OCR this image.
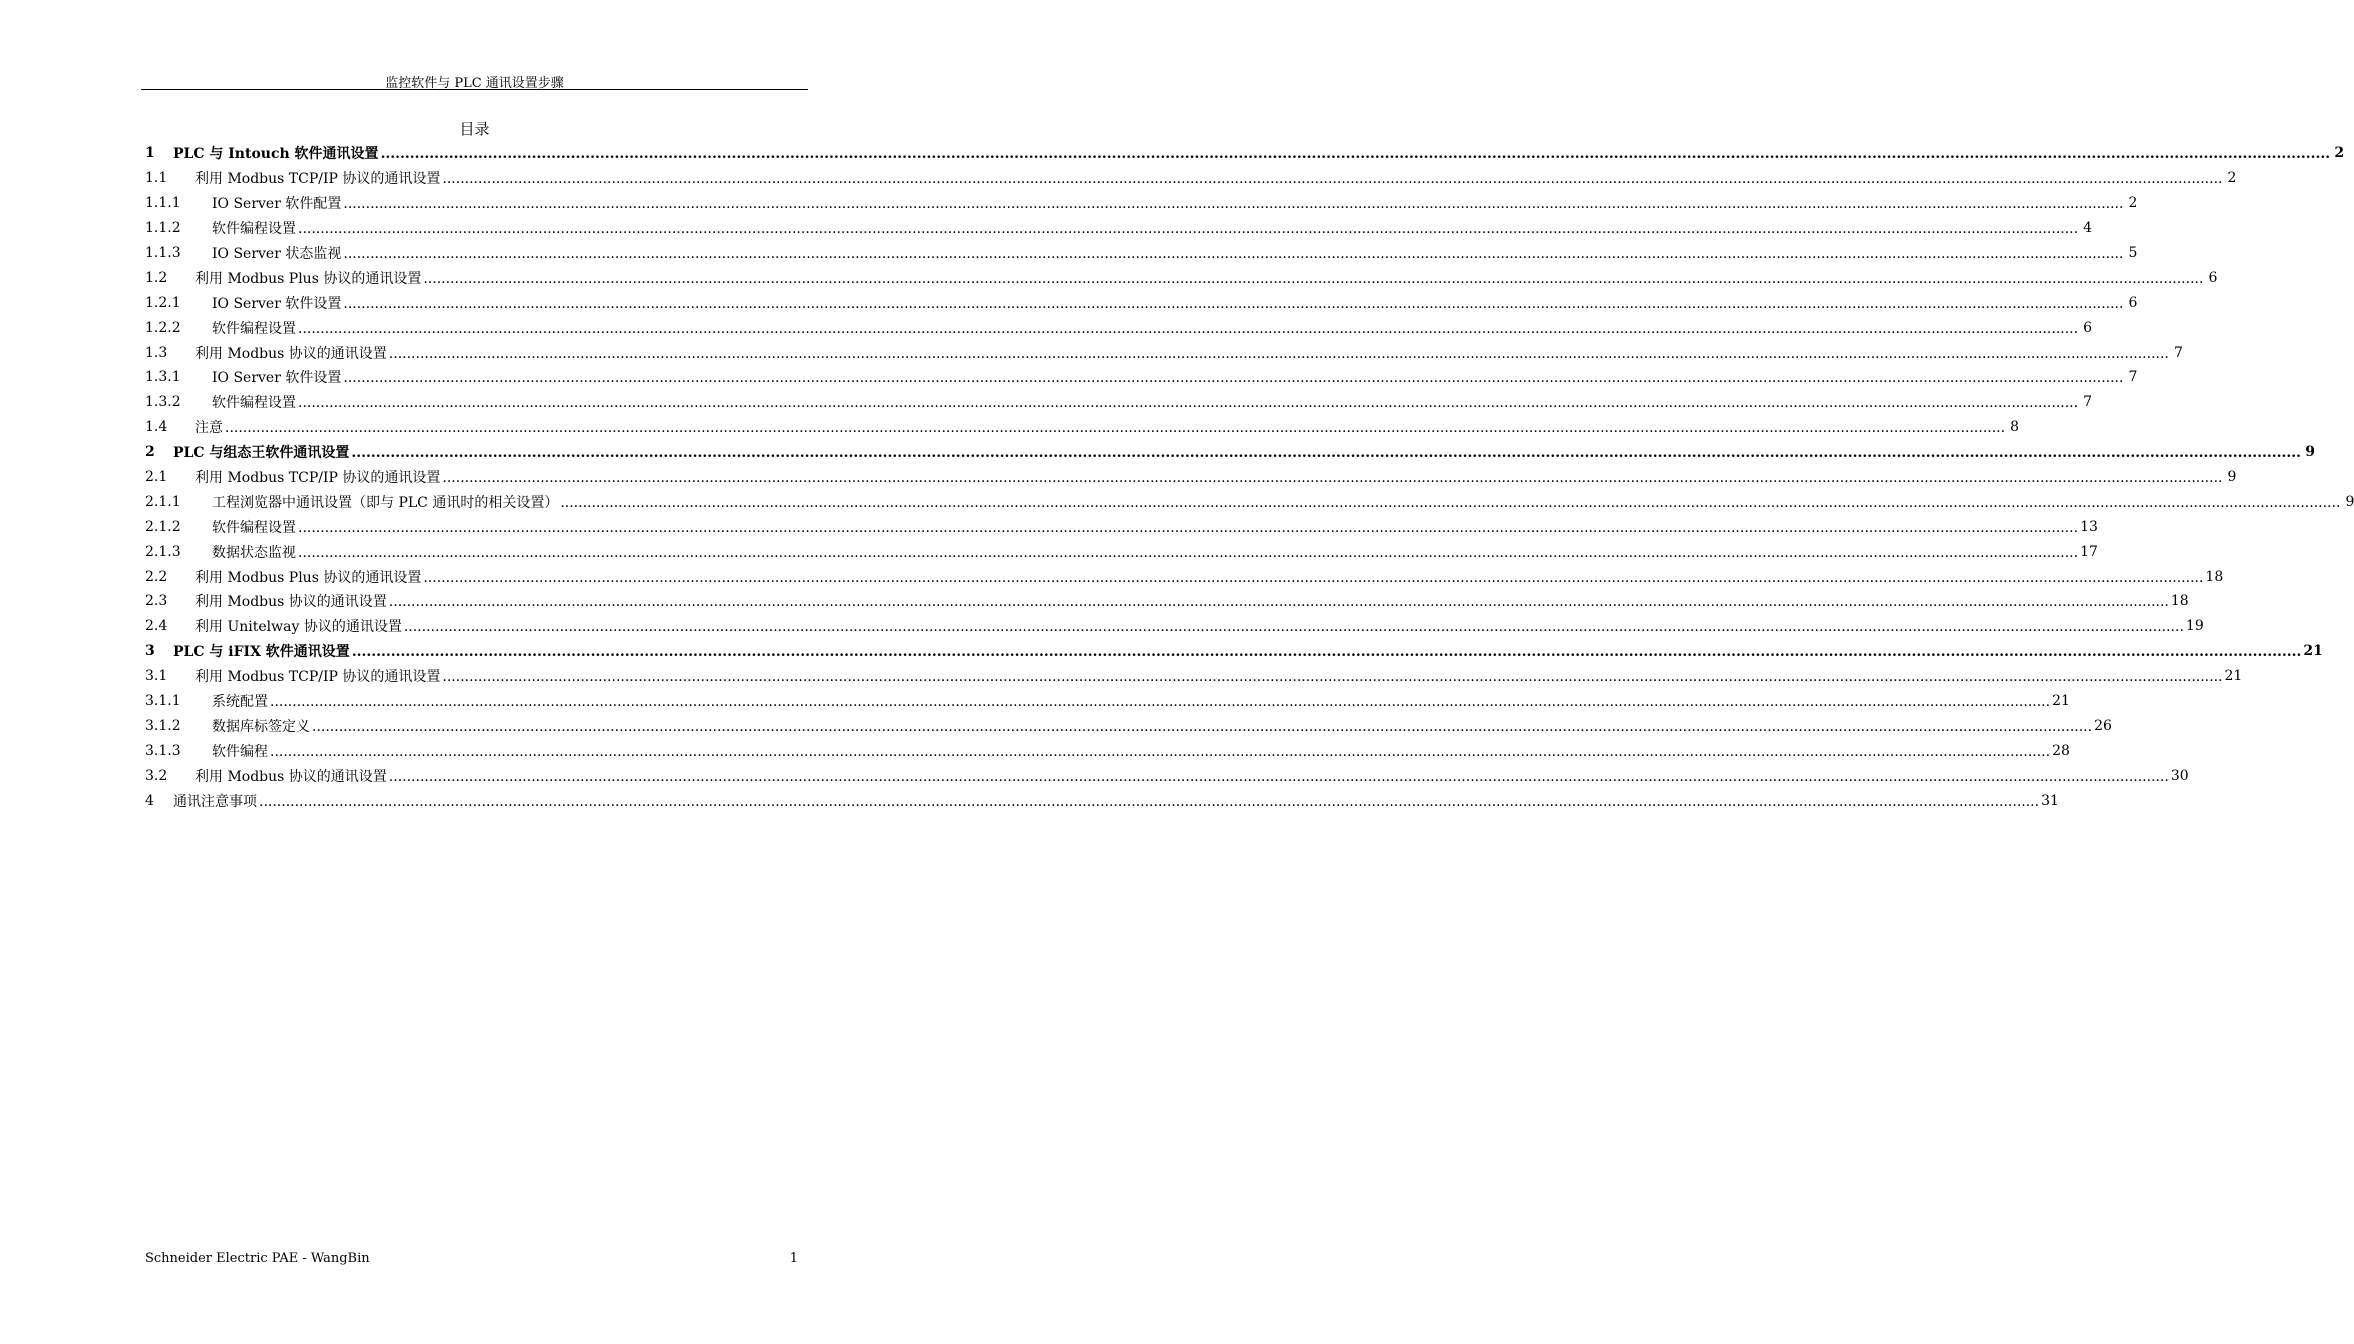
监控软件与 PLC 通讯设置步骤
目录
1	PLC 与 Intouch 软件通讯设置 ................................................................................................................................................................................................................................................................................................................................................................................................................ 2
1.1	利用 Modbus TCP/IP 协议的通讯设置 ................................................................................................................................................................................................................................................................................................................................................................................................................ 2
1.1.1	IO Server 软件配置 ................................................................................................................................................................................................................................................................................................................................................................................................................ 2
1.1.2	软件编程设置 ................................................................................................................................................................................................................................................................................................................................................................................................................ 4
1.1.3	IO Server 状态监视 ................................................................................................................................................................................................................................................................................................................................................................................................................ 5
1.2	利用 Modbus Plus 协议的通讯设置 ................................................................................................................................................................................................................................................................................................................................................................................................................ 6
1.2.1	IO Server 软件设置 ................................................................................................................................................................................................................................................................................................................................................................................................................ 6
1.2.2	软件编程设置 ................................................................................................................................................................................................................................................................................................................................................................................................................ 6
1.3	利用 Modbus 协议的通讯设置 ................................................................................................................................................................................................................................................................................................................................................................................................................ 7
1.3.1	IO Server 软件设置 ................................................................................................................................................................................................................................................................................................................................................................................................................ 7
1.3.2	软件编程设置 ................................................................................................................................................................................................................................................................................................................................................................................................................ 7
1.4	注意 ................................................................................................................................................................................................................................................................................................................................................................................................................ 8
2	PLC 与组态王软件通讯设置 ................................................................................................................................................................................................................................................................................................................................................................................................................ 9
2.1	利用 Modbus TCP/IP 协议的通讯设置 ................................................................................................................................................................................................................................................................................................................................................................................................................ 9
2.1.1	工程浏览器中通讯设置（即与 PLC 通讯时的相关设置） ................................................................................................................................................................................................................................................................................................................................................................................................................ 9
2.1.2	软件编程设置 ................................................................................................................................................................................................................................................................................................................................................................................................................ 13
2.1.3	数据状态监视 ................................................................................................................................................................................................................................................................................................................................................................................................................ 17
2.2	利用 Modbus Plus 协议的通讯设置 ................................................................................................................................................................................................................................................................................................................................................................................................................ 18
2.3	利用 Modbus 协议的通讯设置 ................................................................................................................................................................................................................................................................................................................................................................................................................ 18
2.4	利用 Unitelway 协议的通讯设置 ................................................................................................................................................................................................................................................................................................................................................................................................................ 19
3	PLC 与 iFIX 软件通讯设置 ................................................................................................................................................................................................................................................................................................................................................................................................................ 21
3.1	利用 Modbus TCP/IP 协议的通讯设置 ................................................................................................................................................................................................................................................................................................................................................................................................................ 21
3.1.1	系统配置 ................................................................................................................................................................................................................................................................................................................................................................................................................ 21
3.1.2	数据库标签定义 ................................................................................................................................................................................................................................................................................................................................................................................................................ 26
3.1.3	软件编程 ................................................................................................................................................................................................................................................................................................................................................................................................................ 28
3.2	利用 Modbus 协议的通讯设置 ................................................................................................................................................................................................................................................................................................................................................................................................................ 30
4	通讯注意事项 ................................................................................................................................................................................................................................................................................................................................................................................................................ 31
Schneider Electric PAE - WangBin	1
